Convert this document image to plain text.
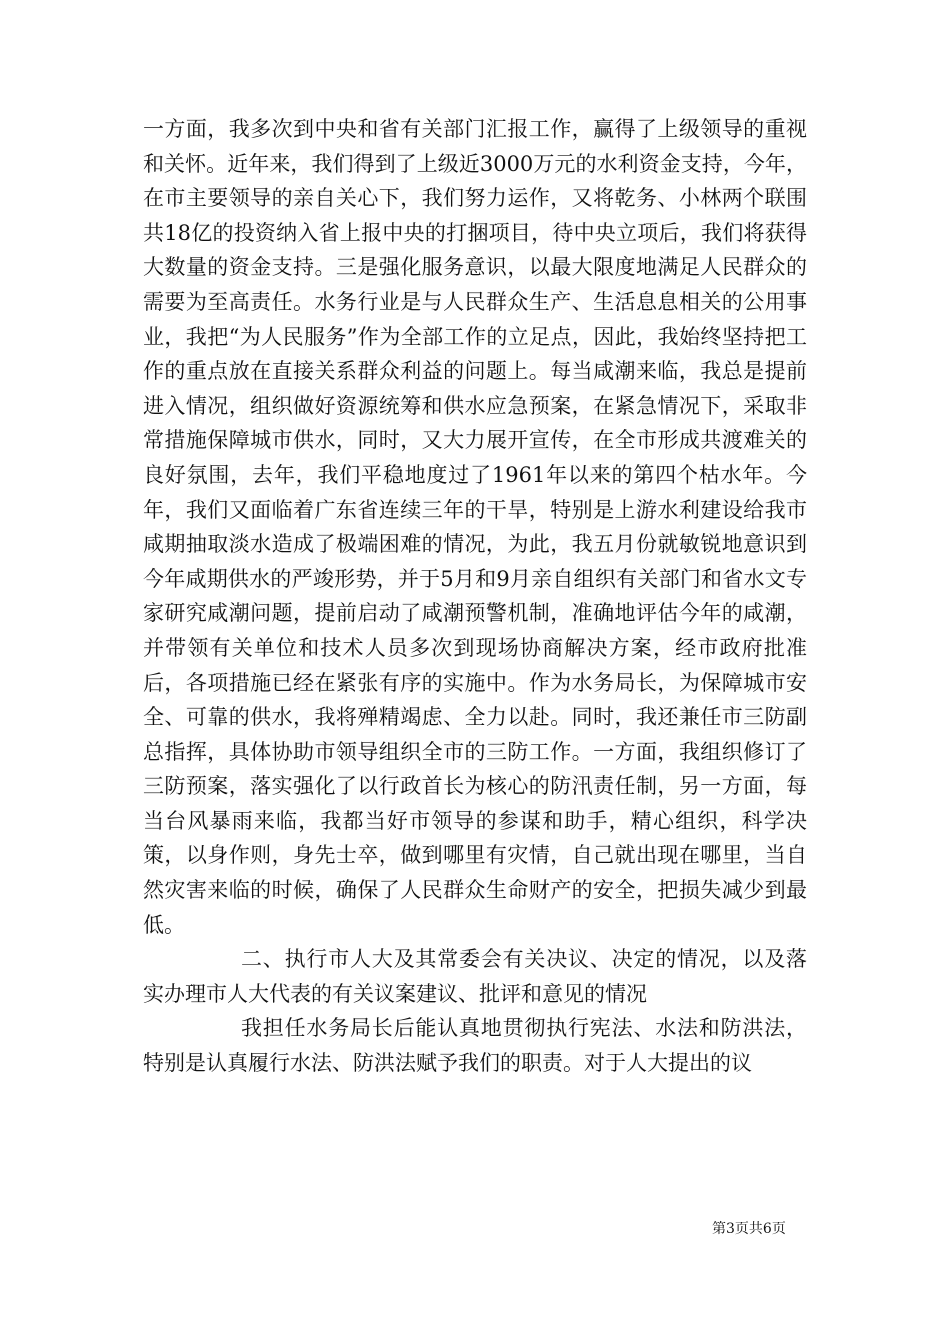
一方面，我多次到中央和省有关部门汇报工作，赢得了上级领导的重视和关怀。近年来，我们得到了上级近3000万元的水利资金支持，今年，在市主要领导的亲自关心下，我们努力运作，又将乾务、小林两个联围共18亿的投资纳入省上报中央的打捆项目，待中央立项后，我们将获得大数量的资金支持。三是强化服务意识，以最大限度地满足人民群众的需要为至高责任。水务行业是与人民群众生产、生活息息相关的公用事业，我把“为人民服务”作为全部工作的立足点，因此，我始终坚持把工作的重点放在直接关系群众利益的问题上。每当咸潮来临，我总是提前进入情况，组织做好资源统筹和供水应急预案，在紧急情况下，采取非常措施保障城市供水，同时，又大力展开宣传，在全市形成共渡难关的良好氛围，去年，我们平稳地度过了1961年以来的第四个枯水年。今年，我们又面临着广东省连续三年的干旱，特别是上游水利建设给我市咸期抽取淡水造成了极端困难的情况，为此，我五月份就敏锐地意识到今年咸期供水的严竣形势，并于5月和9月亲自组织有关部门和省水文专家研究咸潮问题，提前启动了咸潮预警机制，准确地评估今年的咸潮，并带领有关单位和技术人员多次到现场协商解决方案，经市政府批准后，各项措施已经在紧张有序的实施中。作为水务局长，为保障城市安全、可靠的供水，我将殚精竭虑、全力以赴。同时，我还兼任市三防副总指挥，具体协助市领导组织全市的三防工作。一方面，我组织修订了三防预案，落实强化了以行政首长为核心的防汛责任制，另一方面，每当台风暴雨来临，我都当好市领导的参谋和助手，精心组织，科学决策，以身作则，身先士卒，做到哪里有灾情，自己就出现在哪里，当自然灾害来临的时候，确保了人民群众生命财产的安全，把损失减少到最低。

二、执行市人大及其常委会有关决议、决定的情况，以及落实办理市人大代表的有关议案建议、批评和意见的情况

我担任水务局长后能认真地贯彻执行宪法、水法和防洪法，特别是认真履行水法、防洪法赋予我们的职责。对于人大提出的议

第3页共6页
